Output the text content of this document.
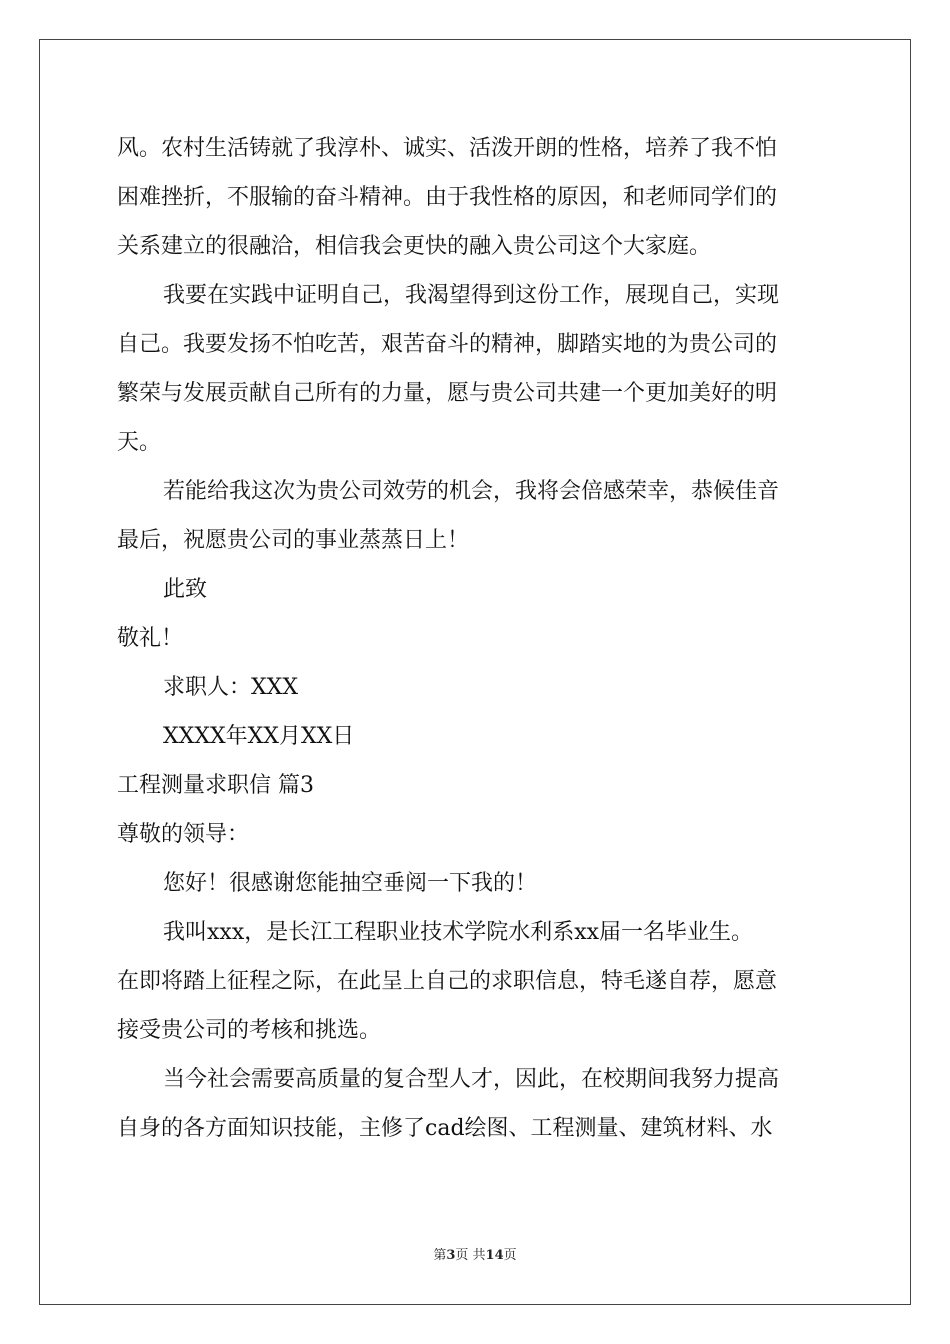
风。农村生活铸就了我淳朴、诚实、活泼开朗的性格，培养了我不怕

困难挫折，不服输的奋斗精神。由于我性格的原因，和老师同学们的

关系建立的很融洽，相信我会更快的融入贵公司这个大家庭。

我要在实践中证明自己，我渴望得到这份工作，展现自己，实现

自己。我要发扬不怕吃苦，艰苦奋斗的精神，脚踏实地的为贵公司的

繁荣与发展贡献自己所有的力量，愿与贵公司共建一个更加美好的明

天。

若能给我这次为贵公司效劳的机会，我将会倍感荣幸，恭候佳音

最后，祝愿贵公司的事业蒸蒸日上！

此致

敬礼！

求职人：XXX

XXXX年XX月XX日

工程测量求职信 篇3

尊敬的领导：

您好！很感谢您能抽空垂阅一下我的！

我叫xxx，是长江工程职业技术学院水利系xx届一名毕业生。

在即将踏上征程之际，在此呈上自己的求职信息，特毛遂自荐，愿意

接受贵公司的考核和挑选。

当今社会需要高质量的复合型人才，因此，在校期间我努力提高

自身的各方面知识技能，主修了cad绘图、工程测量、建筑材料、水

第3页 共14页
